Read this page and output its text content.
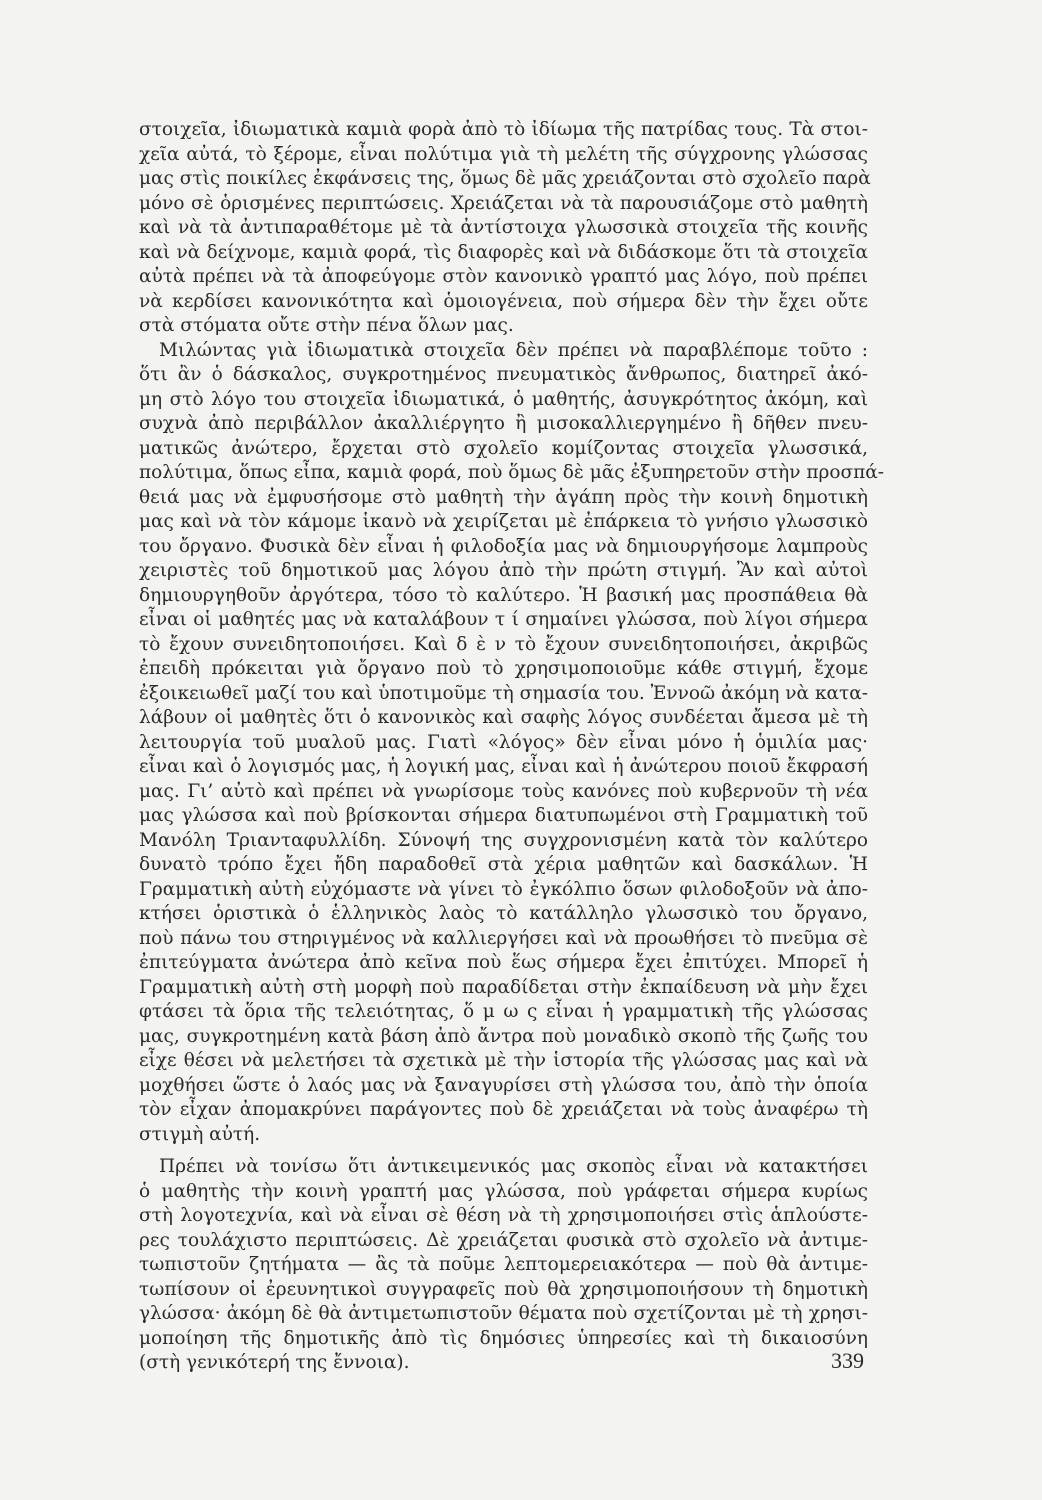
στοιχεῖα, ἰδιωματικὰ καμιὰ φορὰ ἀπὸ τὸ ἰδίωμα τῆς πατρίδας τους. Τὰ στοι-
χεῖα αὐτά, τὸ ξέρομε, εἶναι πολύτιμα γιὰ τὴ μελέτη τῆς σύγχρονης γλώσσας
μας στὶς ποικίλες ἐκφάνσεις της, ὅμως δὲ μᾶς χρειάζονται στὸ σχολεῖο παρὰ
μόνο σὲ ὁρισμένες περιπτώσεις. Χρειάζεται νὰ τὰ παρουσιάζομε στὸ μαθητὴ
καὶ νὰ τὰ ἀντιπαραθέτομε μὲ τὰ ἀντίστοιχα γλωσσικὰ στοιχεῖα τῆς κοινῆς
καὶ νὰ δείχνομε, καμιὰ φορά, τὶς διαφορὲς καὶ νὰ διδάσκομε ὅτι τὰ στοιχεῖα
αὐτὰ πρέπει νὰ τὰ ἀποφεύγομε στὸν κανονικὸ γραπτό μας λόγο, ποὺ πρέπει
νὰ κερδίσει κανονικότητα καὶ ὁμοιογένεια, ποὺ σήμερα δὲν τὴν ἔχει οὔτε
στὰ στόματα οὔτε στὴν πένα ὅλων μας.
Μιλώντας γιὰ ἰδιωματικὰ στοιχεῖα δὲν πρέπει νὰ παραβλέπομε τοῦτο :
ὅτι ἂν ὁ δάσκαλος, συγκροτημένος πνευματικὸς ἄνθρωπος, διατηρεῖ ἀκό-
μη στὸ λόγο του στοιχεῖα ἰδιωματικά, ὁ μαθητής, ἀσυγκρότητος ἀκόμη, καὶ
συχνὰ ἀπὸ περιβάλλον ἀκαλλιέργητο ἢ μισοκαλλιεργημένο ἢ δῆθεν πνευ-
ματικῶς ἀνώτερο, ἔρχεται στὸ σχολεῖο κομίζοντας στοιχεῖα γλωσσικά,
πολύτιμα, ὅπως εἶπα, καμιὰ φορά, ποὺ ὅμως δὲ μᾶς ἐξυπηρετοῦν στὴν προσπά-
θειά μας νὰ ἐμφυσήσομε στὸ μαθητὴ τὴν ἀγάπη πρὸς τὴν κοινὴ δημοτικὴ
μας καὶ νὰ τὸν κάμομε ἱκανὸ νὰ χειρίζεται μὲ ἐπάρκεια τὸ γνήσιο γλωσσικὸ
του ὄργανο. Φυσικὰ δὲν εἶναι ἡ φιλοδοξία μας νὰ δημιουργήσομε λαμπροὺς
χειριστὲς τοῦ δημοτικοῦ μας λόγου ἀπὸ τὴν πρώτη στιγμή. Ἂν καὶ αὐτοὶ
δημιουργηθοῦν ἀργότερα, τόσο τὸ καλύτερο. Ἡ βασική μας προσπάθεια θὰ
εἶναι οἱ μαθητές μας νὰ καταλάβουν τ ί σημαίνει γλώσσα, ποὺ λίγοι σήμερα
τὸ ἔχουν συνειδητοποιήσει. Καὶ δ ὲ ν τὸ ἔχουν συνειδητοποιήσει, ἀκριβῶς
ἐπειδὴ πρόκειται γιὰ ὄργανο ποὺ τὸ χρησιμοποιοῦμε κάθε στιγμή, ἔχομε
ἐξοικειωθεῖ μαζί του καὶ ὑποτιμοῦμε τὴ σημασία του. Ἐννοῶ ἀκόμη νὰ κατα-
λάβουν οἱ μαθητὲς ὅτι ὁ κανονικὸς καὶ σαφὴς λόγος συνδέεται ἄμεσα μὲ τὴ
λειτουργία τοῦ μυαλοῦ μας. Γιατὶ «λόγος» δὲν εἶναι μόνο ἡ ὁμιλία μας·
εἶναι καὶ ὁ λογισμός μας, ἡ λογική μας, εἶναι καὶ ἡ ἀνώτερου ποιοῦ ἔκφρασή
μας. Γι’ αὐτὸ καὶ πρέπει νὰ γνωρίσομε τοὺς κανόνες ποὺ κυβερνοῦν τὴ νέα
μας γλώσσα καὶ ποὺ βρίσκονται σήμερα διατυπωμένοι στὴ Γραμματικὴ τοῦ
Μανόλη Τριανταφυλλίδη. Σύνοψή της συγχρονισμένη κατὰ τὸν καλύτερο
δυνατὸ τρόπο ἔχει ἤδη παραδοθεῖ στὰ χέρια μαθητῶν καὶ δασκάλων. Ἡ
Γραμματικὴ αὐτὴ εὐχόμαστε νὰ γίνει τὸ ἐγκόλπιο ὅσων φιλοδοξοῦν νὰ ἀπο-
κτήσει ὁριστικὰ ὁ ἑλληνικὸς λαὸς τὸ κατάλληλο γλωσσικὸ του ὄργανο,
ποὺ πάνω του στηριγμένος νὰ καλλιεργήσει καὶ νὰ προωθήσει τὸ πνεῦμα σὲ
ἐπιτεύγματα ἀνώτερα ἀπὸ κεῖνα ποὺ ἕως σήμερα ἔχει ἐπιτύχει. Μπορεῖ ἡ
Γραμματικὴ αὐτὴ στὴ μορφὴ ποὺ παραδίδεται στὴν ἐκπαίδευση νὰ μὴν ἔχει
φτάσει τὰ ὅρια τῆς τελειότητας, ὅ μ ω ς εἶναι ἡ γραμματικὴ τῆς γλώσσας
μας, συγκροτημένη κατὰ βάση ἀπὸ ἄντρα ποὺ μοναδικὸ σκοπὸ τῆς ζωῆς του
εἶχε θέσει νὰ μελετήσει τὰ σχετικὰ μὲ τὴν ἱστορία τῆς γλώσσας μας καὶ νὰ
μοχθήσει ὥστε ὁ λαός μας νὰ ξαναγυρίσει στὴ γλώσσα του, ἀπὸ τὴν ὁποία
τὸν εἶχαν ἀπομακρύνει παράγοντες ποὺ δὲ χρειάζεται νὰ τοὺς ἀναφέρω τὴ
στιγμὴ αὐτή.
Πρέπει νὰ τονίσω ὅτι ἀντικειμενικός μας σκοπὸς εἶναι νὰ κατακτήσει
ὁ μαθητὴς τὴν κοινὴ γραπτή μας γλώσσα, ποὺ γράφεται σήμερα κυρίως
στὴ λογοτεχνία, καὶ νὰ εἶναι σὲ θέση νὰ τὴ χρησιμοποιήσει στὶς ἁπλούστε-
ρες τουλάχιστο περιπτώσεις. Δὲ χρειάζεται φυσικὰ στὸ σχολεῖο νὰ ἀντιμε-
τωπιστοῦν ζητήματα — ἂς τὰ ποῦμε λεπτομερειακότερα — ποὺ θὰ ἀντιμε-
τωπίσουν οἱ ἐρευνητικοὶ συγγραφεῖς ποὺ θὰ χρησιμοποιήσουν τὴ δημοτικὴ
γλώσσα· ἀκόμη δὲ θὰ ἀντιμετωπιστοῦν θέματα ποὺ σχετίζονται μὲ τὴ χρησι-
μοποίηση τῆς δημοτικῆς ἀπὸ τὶς δημόσιες ὑπηρεσίες καὶ τὴ δικαιοσύνη
(στὴ γενικότερή της ἔννοια).	339
